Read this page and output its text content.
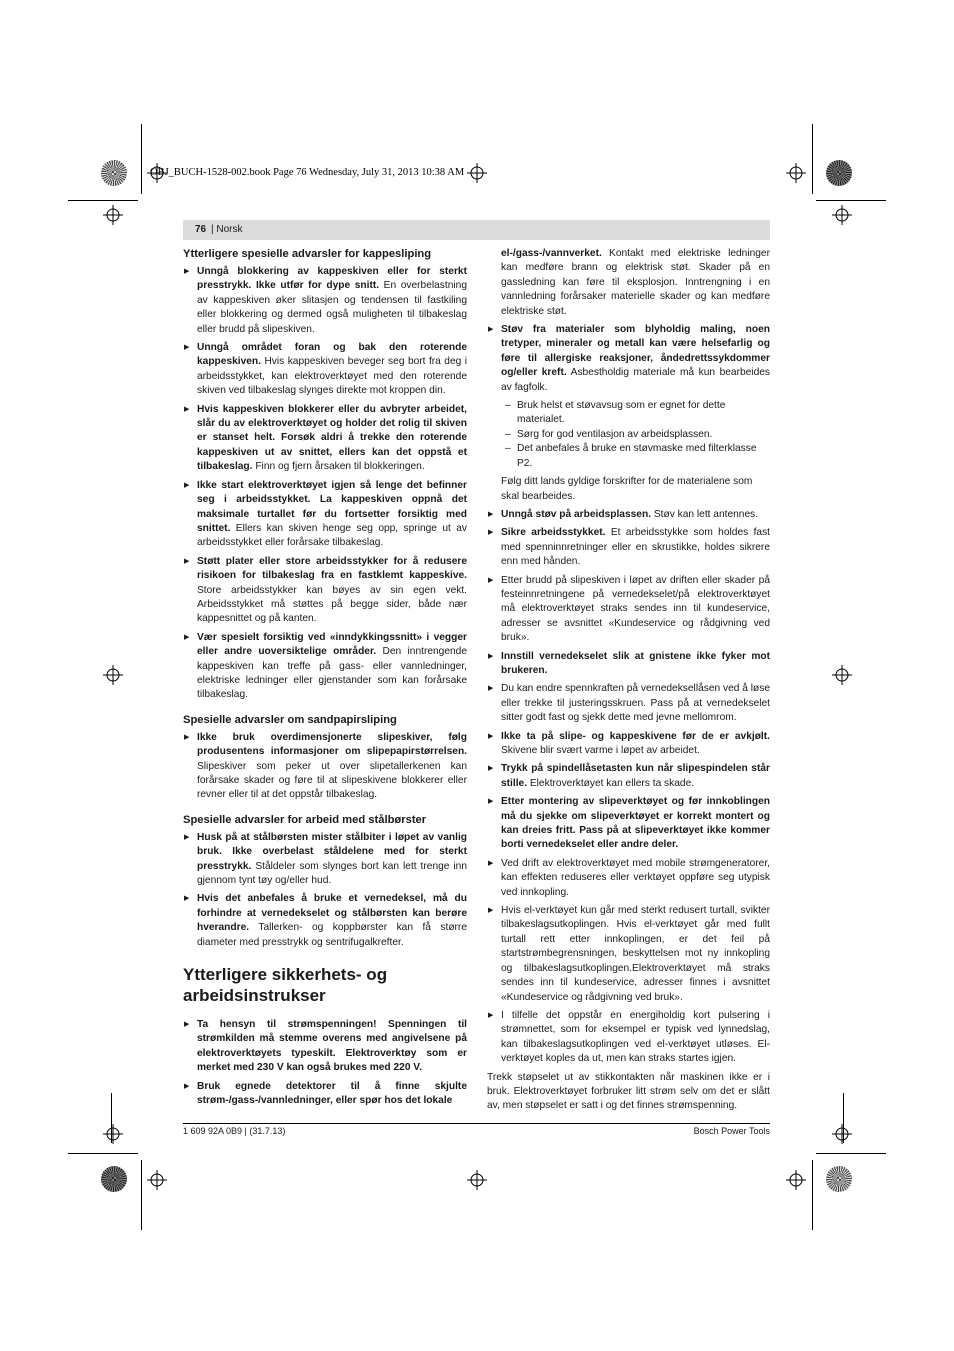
OBJ_BUCH-1528-002.book Page 76 Wednesday, July 31, 2013 10:38 AM
76 | Norsk
Ytterligere spesielle advarsler for kappesliping
▶ Unngå blokkering av kappeskiven eller for sterkt presstrykk. Ikke utfør for dype snitt. En overbelastning av kappeskiven øker slitasjen og tendensen til fastkiling eller blokkering og dermed også muligheten til tilbakeslag eller brudd på slipeskiven.
▶ Unngå området foran og bak den roterende kappeskiven. Hvis kappeskiven beveger seg bort fra deg i arbeidsstykket, kan elektroverktøyet med den roterende skiven ved tilbakeslag slynges direkte mot kroppen din.
▶ Hvis kappeskiven blokkerer eller du avbryter arbeidet, slår du av elektroverktøyet og holder det rolig til skiven er stanset helt. Forsøk aldri å trekke den roterende kappeskiven ut av snittet, ellers kan det oppstå et tilbakeslag. Finn og fjern årsaken til blokkeringen.
▶ Ikke start elektroverktøyet igjen så lenge det befinner seg i arbeidsstykket. La kappeskiven oppnå det maksimale turtallet før du fortsetter forsiktig med snittet. Ellers kan skiven henge seg opp, springe ut av arbeidsstykket eller forårsake tilbakeslag.
▶ Støtt plater eller store arbeidsstykker for å redusere risikoen for tilbakeslag fra en fastklemt kappeskive. Store arbeidsstykker kan bøyes av sin egen vekt. Arbeidsstykket må støttes på begge sider, både nær kappesnittet og på kanten.
▶ Vær spesielt forsiktig ved «inndykkingssnitt» i vegger eller andre uoversiktelige områder. Den inntrengende kappeskiven kan treffe på gass- eller vannledninger, elektriske ledninger eller gjenstander som kan forårsake tilbakeslag.
Spesielle advarsler om sandpapirsliping
▶ Ikke bruk overdimensjonerte slipeskiver, følg produsentens informasjoner om slipepapirstørrelsen. Slipeskiver som peker ut over slipetallerkenen kan forårsake skader og føre til at slipeskivene blokkerer eller revner eller til at det oppstår tilbakeslag.
Spesielle advarsler for arbeid med stålbørster
▶ Husk på at stålbørsten mister stålbiter i løpet av vanlig bruk. Ikke overbelast ståldelene med for sterkt presstrykk. Ståldeler som slynges bort kan lett trenge inn gjennom tynt tøy og/eller hud.
▶ Hvis det anbefales å bruke et vernedeksel, må du forhindre at vernedekselet og stålbørsten kan berøre hverandre. Tallerken- og koppbørster kan få større diameter med presstrykk og sentrifugalkrefter.
Ytterligere sikkerhets- og arbeidsinstrukser
▶ Ta hensyn til strømspenningen! Spenningen til strømkilden må stemme overens med angivelsene på elektroverktøyets typeskilt. Elektroverktøy som er merket med 230 V kan også brukes med 220 V.
▶ Bruk egnede detektorer til å finne skjulte strøm-/gass-/vannledninger, eller spør hos det lokale
el-/gass-/vannverket. Kontakt med elektriske ledninger kan medføre brann og elektrisk støt. Skader på en gassledning kan føre til eksplosjon. Inntrengning i en vannledning forårsaker materielle skader og kan medføre elektriske støt.
▶ Støv fra materialer som blyholdig maling, noen tretyper, mineraler og metall kan være helsefarlig og føre til allergiske reaksjoner, åndedrettssykdommer og/eller kreft. Asbestholdig materiale må kun bearbeides av fagfolk.
– Bruk helst et støvavsug som er egnet for dette materialet.
– Sørg for god ventilasjon av arbeidsplassen.
– Det anbefales å bruke en støvmaske med filterklasse P2.
Følg ditt lands gyldige forskrifter for de materialene som skal bearbeides.
▶ Unngå støv på arbeidsplassen. Støv kan lett antennes.
▶ Sikre arbeidsstykket. Et arbeidsstykke som holdes fast med spenninnretninger eller en skrustikke, holdes sikrere enn med hånden.
▶ Etter brudd på slipeskiven i løpet av driften eller skader på festeinnretningene på vernedekselet/på elektroverktøyet må elektroverktøyet straks sendes inn til kundeservice, adresser se avsnittet «Kundeservice og rådgivning ved bruk».
▶ Innstill vernedekselet slik at gnistene ikke fyker mot brukeren.
▶ Du kan endre spennkraften på vernedeksellåsen ved å løse eller trekke til justeringsskruen. Pass på at vernedekselet sitter godt fast og sjekk dette med jevne mellomrom.
▶ Ikke ta på slipe- og kappeskivene før de er avkjølt. Skivene blir svært varme i løpet av arbeidet.
▶ Trykk på spindellåsetasten kun når slipespindelen står stille. Elektroverktøyet kan ellers ta skade.
▶ Etter montering av slipeverktøyet og før innkoblingen må du sjekke om slipeverktøyet er korrekt montert og kan dreies fritt. Pass på at slipeverktøyet ikke kommer borti vernedekselet eller andre deler.
▶ Ved drift av elektroverktøyet med mobile strømgeneratorer, kan effekten reduseres eller verktøyet oppføre seg utypisk ved innkopling.
▶ Hvis el-verktøyet kun går med sterkt redusert turtall, svikter tilbakeslagsutkoplingen. Hvis el-verktøyet går med fullt turtall rett etter innkoplingen, er det feil på startstrømbegrensningen, beskyttelsen mot ny innkopling og tilbakeslagsutkoplingen.Elektroverktøyet må straks sendes inn til kundeservice, adresser finnes i avsnittet «Kundeservice og rådgivning ved bruk».
▶ I tilfelle det oppstår en energiholdig kort pulsering i strømnettet, som for eksempel er typisk ved lynnedslag, kan tilbakeslagsutkoplingen ved el-verktøyet utløses. El-verktøyet koples da ut, men kan straks startes igjen.
Trekk støpselet ut av stikkontakten når maskinen ikke er i bruk. Elektroverktøyet forbruker litt strøm selv om det er slått av, men støpselet er satt i og det finnes strømspenning.
1 609 92A 0B9 | (31.7.13)	Bosch Power Tools
